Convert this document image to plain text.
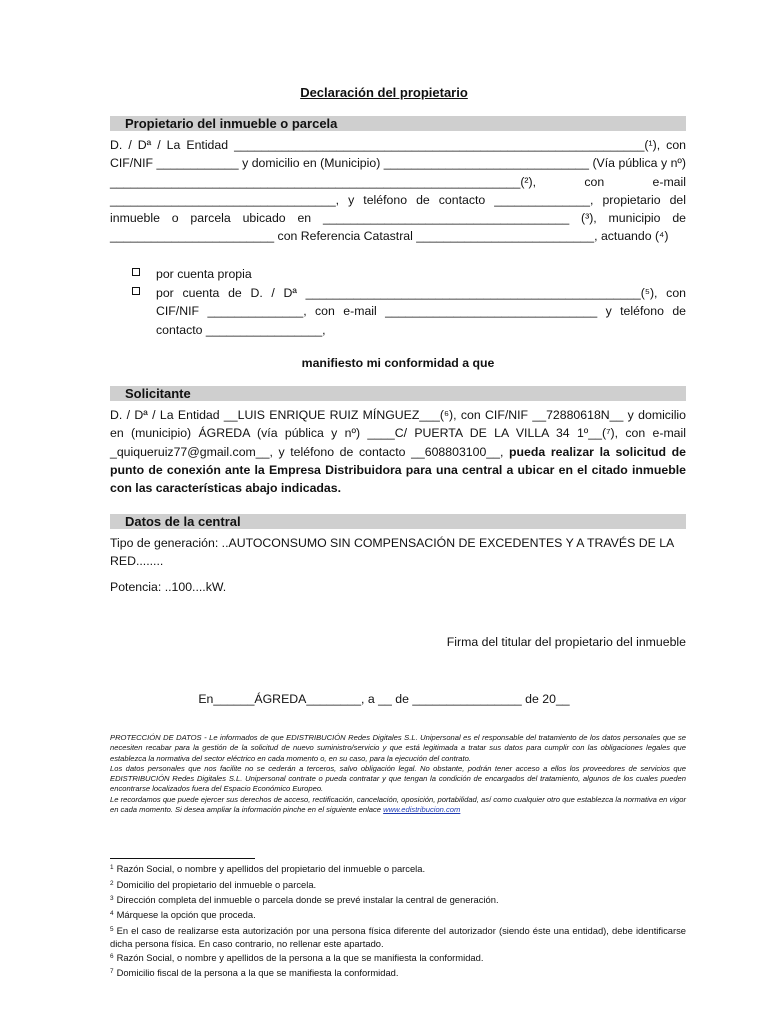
Declaración del propietario
Propietario del inmueble o parcela

D. / Dª / La Entidad ____________________________________________________________(¹), con CIF/NIF ____________ y domicilio en (Municipio) ______________________________ (Vía pública y nº) ____________________________________________________________(²), con e-mail _________________________________, y teléfono de contacto ______________, propietario del inmueble o parcela ubicado en ____________________________________ (³), municipio de ________________________ con Referencia Catastral __________________________, actuando (⁴)

por cuenta propia

por cuenta de D. / Dª _________________________________________________(⁵), con CIF/NIF ______________, con e-mail _______________________________ y teléfono de contacto _________________,

manifiesto mi conformidad a que
Solicitante

D. / Dª / La Entidad __LUIS ENRIQUE RUIZ MÍNGUEZ___(⁶), con CIF/NIF __72880618N__ y domicilio en (municipio) ÁGREDA (vía pública y nº) ____C/ PUERTA DE LA VILLA 34 1º__(⁷), con e-mail _quiqueruiz77@gmail.com__, y teléfono de contacto __608803100__, pueda realizar la solicitud de punto de conexión ante la Empresa Distribuidora para una central a ubicar en el citado inmueble con las características abajo indicadas.

Datos de la central

Tipo de generación: ..AUTOCONSUMO SIN COMPENSACIÓN DE EXCEDENTES Y A TRAVÉS DE LA RED........

Potencia: ..100....kW.
Firma del titular del propietario del inmueble
En______ÁGREDA________, a __ de ________________ de 20__

PROTECCIÓN DE DATOS - Le informados de que EDISTRIBUCIÓN Redes Digitales S.L. Unipersonal es el responsable del tratamiento de los datos personales que se necesiten recabar para la gestión de la solicitud de nuevo suministro/servicio y que está legitimada a tratar sus datos para cumplir con las obligaciones legales que establezca la normativa del sector eléctrico en cada momento o, en su caso, para la ejecución del contrato.
Los datos personales que nos facilite no se cederán a terceros, salvo obligación legal. No obstante, podrán tener acceso a ellos los proveedores de servicios que EDISTRIBUCIÓN Redes Digitales S.L. Unipersonal contrate o pueda contratar y que tengan la condición de encargados del tratamiento, algunos de los cuales pueden encontrarse localizados fuera del Espacio Económico Europeo.
Le recordamos que puede ejercer sus derechos de acceso, rectificación, cancelación, oposición, portabilidad, así como cualquier otro que establezca la normativa en vigor en cada momento. Si desea ampliar la información pinche en el siguiente enlace www.edistribucion.com

$^1$ Razón Social, o nombre y apellidos del propietario del inmueble o parcela.

$^2$ Domicilio del propietario del inmueble o parcela.

$^3$ Dirección completa del inmueble o parcela donde se prevé instalar la central de generación.

$^4$ Márquese la opción que proceda.

$^5$ En el caso de realizarse esta autorización por una persona física diferente del autorizador (siendo éste una entidad), debe identificarse dicha persona física. En caso contrario, no rellenar este apartado.

$^6$ Razón Social, o nombre y apellidos de la persona a la que se manifiesta la conformidad.

$^7$ Domicilio fiscal de la persona a la que se manifiesta la conformidad.
